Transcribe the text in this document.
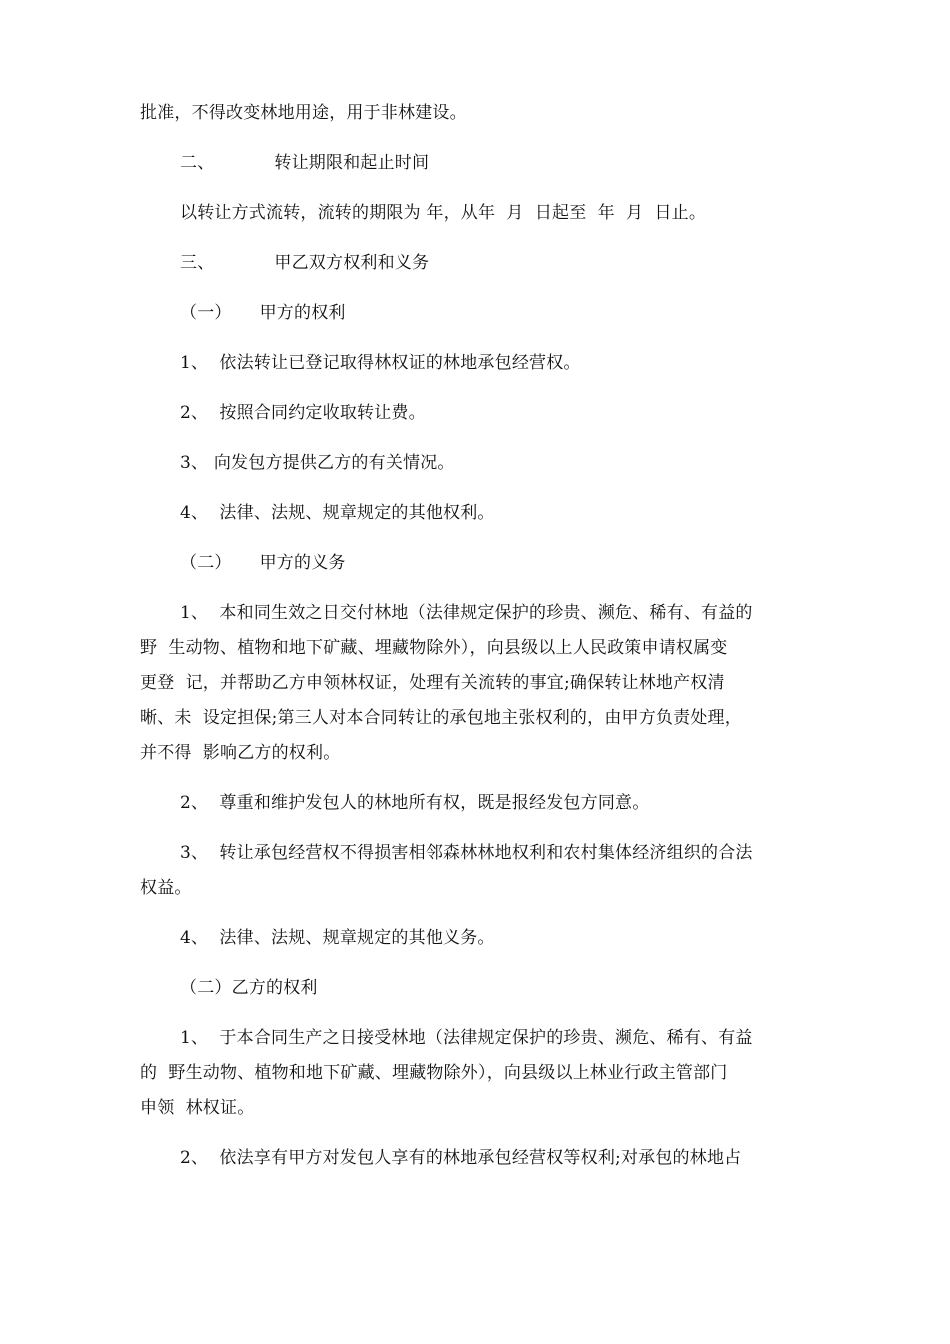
批准，不得改变林地用途，用于非林建设。

二、	转让期限和起止时间

以转让方式流转，流转的期限为 年，从年  月  日起至  年  月  日止。

三、	甲乙双方权利和义务

（一） 甲方的权利

1、  依法转让已登记取得林权证的林地承包经营权。

2、  按照合同约定收取转让费。

3、 向发包方提供乙方的有关情况。

4、  法律、法规、规章规定的其他权利。

（二） 甲方的义务

1、  本和同生效之日交付林地（法律规定保护的珍贵、濒危、稀有、有益的

野  生动物、植物和地下矿藏、埋藏物除外），向县级以上人民政策申请权属变

更登  记，并帮助乙方申领林权证，处理有关流转的事宜;确保转让林地产权清

晰、未  设定担保;第三人对本合同转让的承包地主张权利的，由甲方负责处理，

并不得  影响乙方的权利。

2、  尊重和维护发包人的林地所有权，既是报经发包方同意。

3、  转让承包经营权不得损害相邻森林林地权利和农村集体经济组织的合法

权益。

4、  法律、法规、规章规定的其他义务。

（二）乙方的权利

1、  于本合同生产之日接受林地（法律规定保护的珍贵、濒危、稀有、有益

的  野生动物、植物和地下矿藏、埋藏物除外），向县级以上林业行政主管部门

申领  林权证。

2、  依法享有甲方对发包人享有的林地承包经营权等权利;对承包的林地占
